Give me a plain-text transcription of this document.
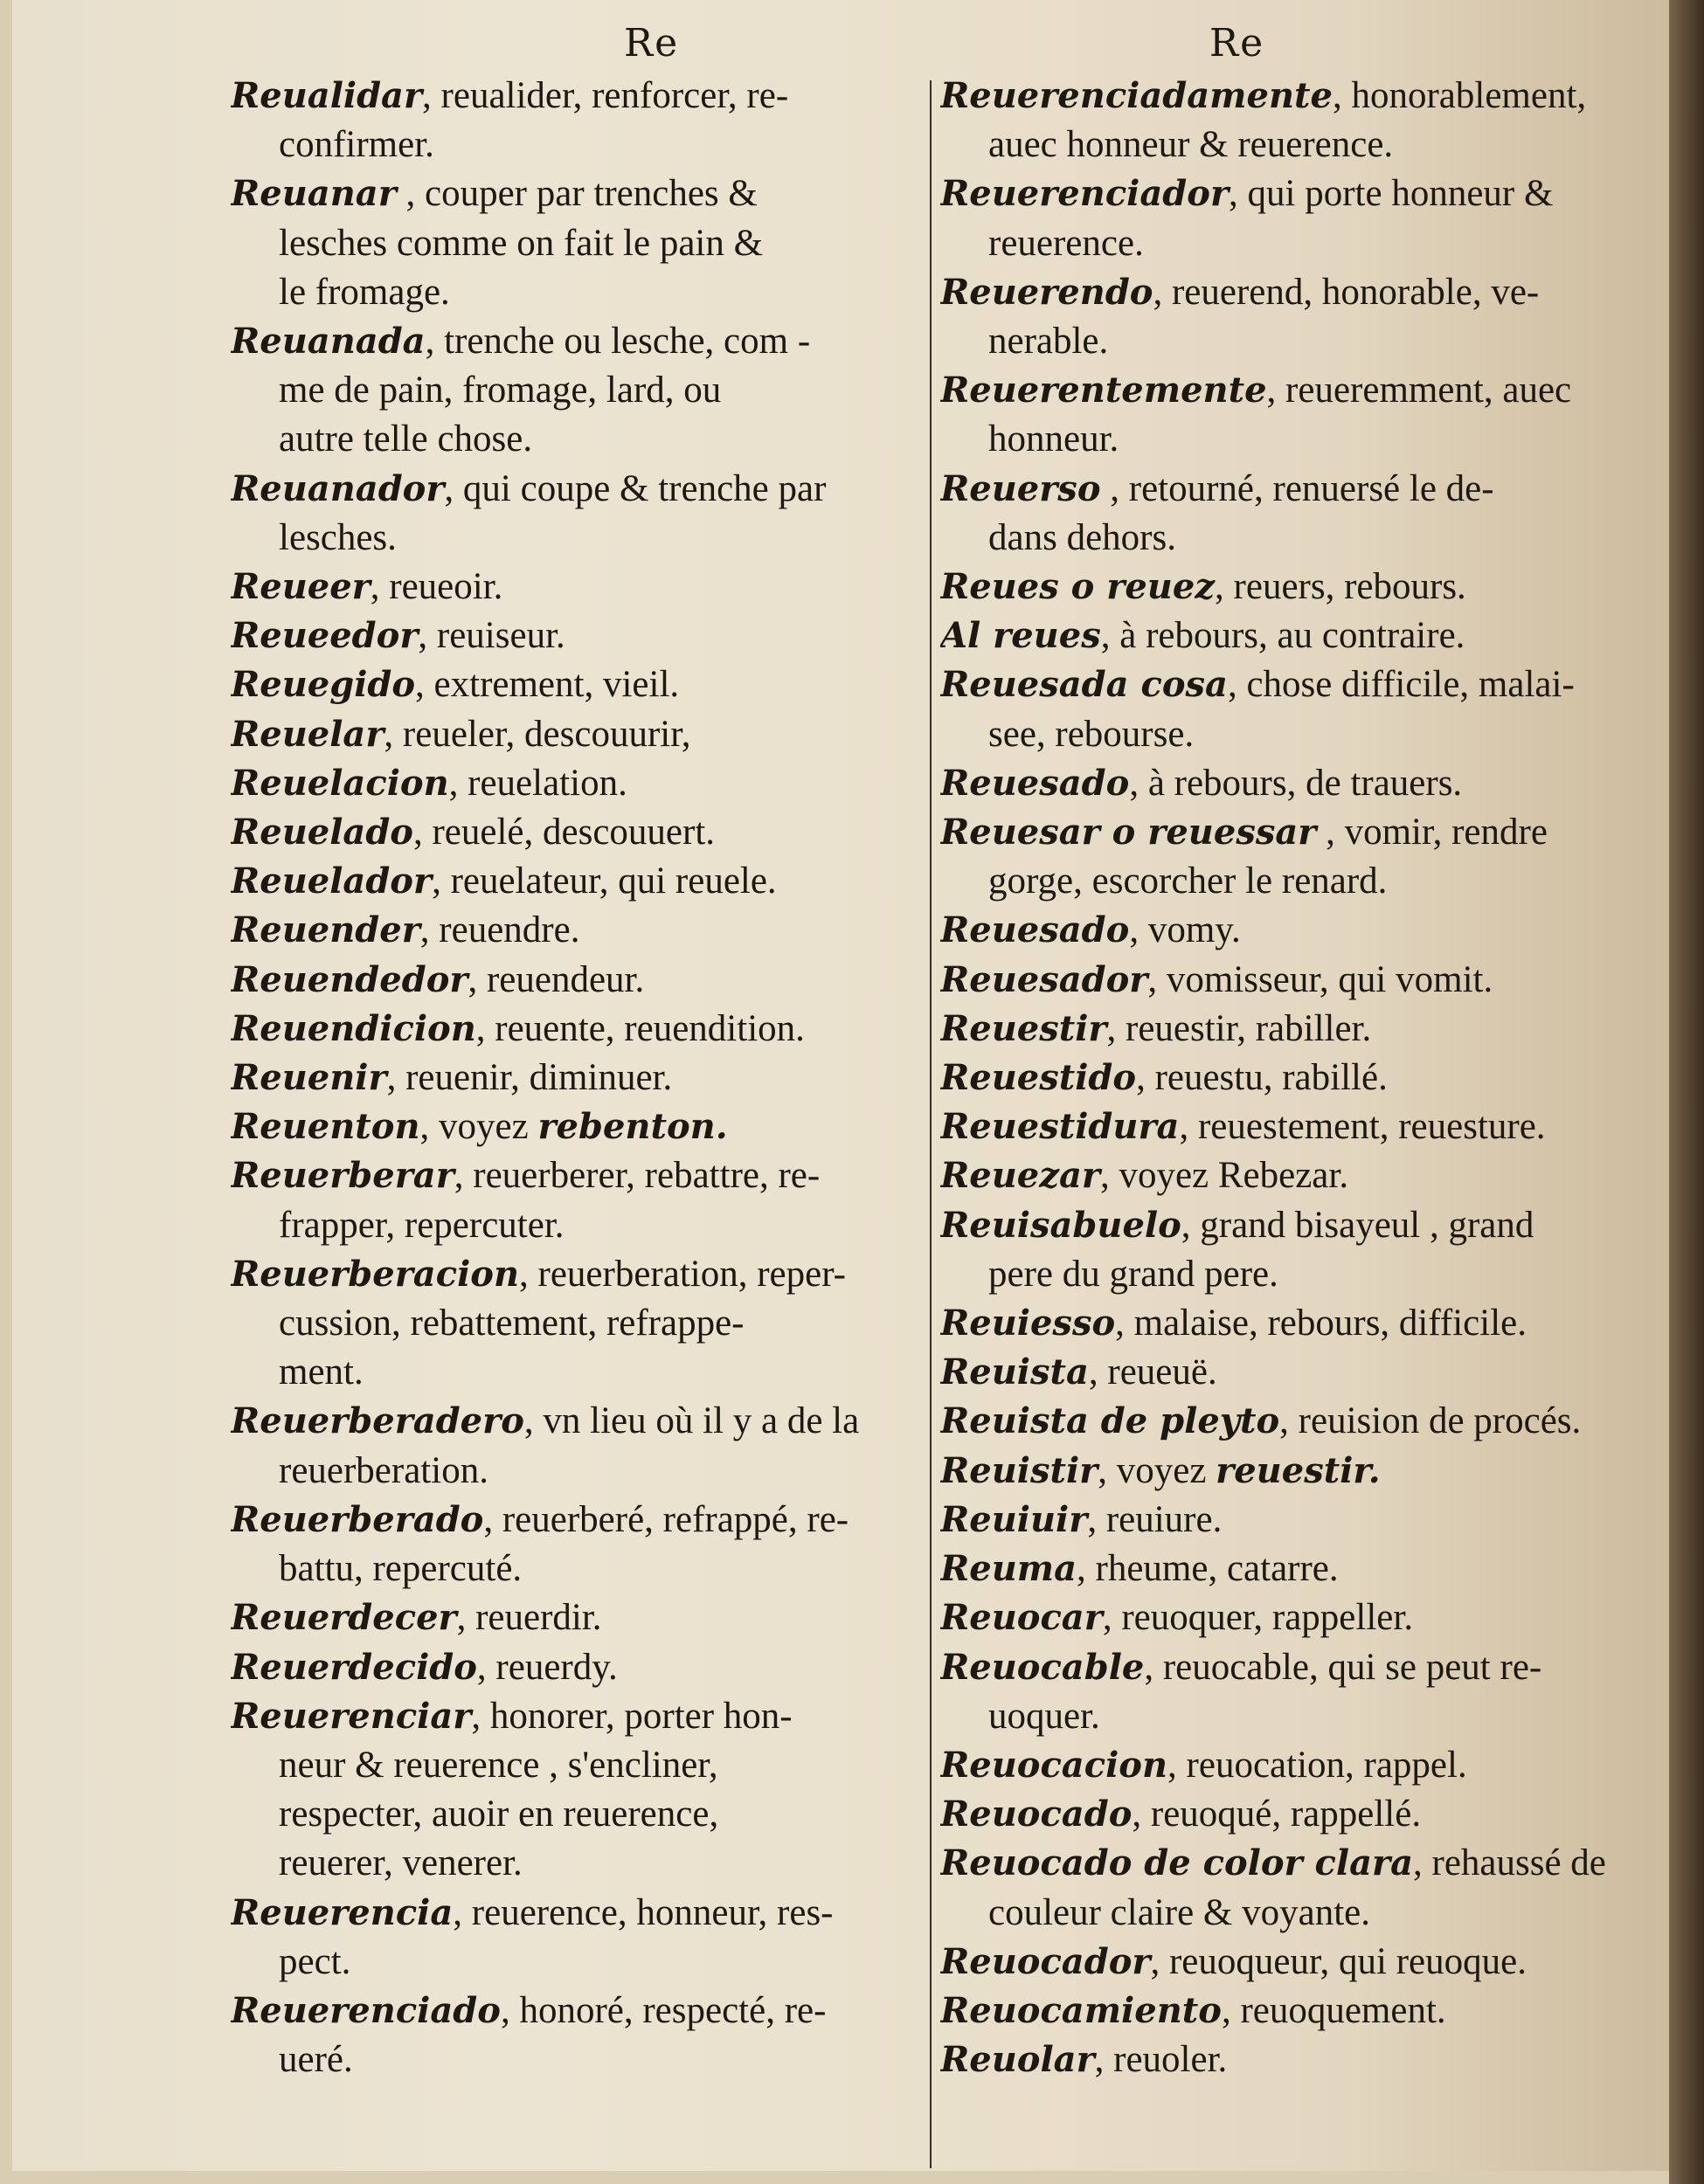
Re	Re
Reualidar, reualider, renforcer, re-
confirmer.
Reuanar , couper par trenches &
lesches comme on fait le pain &
le fromage.
Reuanada, trenche ou lesche, com -
me de pain, fromage, lard, ou
autre telle chose.
Reuanador, qui coupe & trenche par
lesches.
Reueer, reueoir.
Reueedor, reuiseur.
Reuegido, extrement, vieil.
Reuelar, reueler, descouurir,
Reuelacion, reuelation.
Reuelado, reuelé, descouuert.
Reuelador, reuelateur, qui reuele.
Reuender, reuendre.
Reuendedor, reuendeur.
Reuendicion, reuente, reuendition.
Reuenir, reuenir, diminuer.
Reuenton, voyez rebenton.
Reuerberar, reuerberer, rebattre, re-
frapper, repercuter.
Reuerberacion, reuerberation, reper-
cussion, rebattement, refrappe-
ment.
Reuerberadero, vn lieu où il y a de la
reuerberation.
Reuerberado, reuerberé, refrappé, re-
battu, repercuté.
Reuerdecer, reuerdir.
Reuerdecido, reuerdy.
Reuerenciar, honorer, porter hon-
neur & reuerence , s'encliner,
respecter, auoir en reuerence,
reuerer, venerer.
Reuerencia, reuerence, honneur, res-
pect.
Reuerenciado, honoré, respecté, re-
ueré.
Reuerenciadamente, honorablement,
auec honneur & reuerence.
Reuerenciador, qui porte honneur &
reuerence.
Reuerendo, reuerend, honorable, ve-
nerable.
Reuerentemente, reueremment, auec
honneur.
Reuerso , retourné, renuersé le de-
dans dehors.
Reues o reuez, reuers, rebours.
Al reues, à rebours, au contraire.
Reuesada cosa, chose difficile, malai-
see, rebourse.
Reuesado, à rebours, de trauers.
Reuesar o reuessar , vomir, rendre
gorge, escorcher le renard.
Reuesado, vomy.
Reuesador, vomisseur, qui vomit.
Reuestir, reuestir, rabiller.
Reuestido, reuestu, rabillé.
Reuestidura, reuestement, reuesture.
Reuezar, voyez Rebezar.
Reuisabuelo, grand bisayeul , grand
pere du grand pere.
Reuiesso, malaise, rebours, difficile.
Reuista, reueuë.
Reuista de pleyto, reuision de procés.
Reuistir, voyez reuestir.
Reuiuir, reuiure.
Reuma, rheume, catarre.
Reuocar, reuoquer, rappeller.
Reuocable, reuocable, qui se peut re-
uoquer.
Reuocacion, reuocation, rappel.
Reuocado, reuoqué, rappellé.
Reuocado de color clara, rehaussé de
couleur claire & voyante.
Reuocador, reuoqueur, qui reuoque.
Reuocamiento, reuoquement.
Reuolar, reuoler.
